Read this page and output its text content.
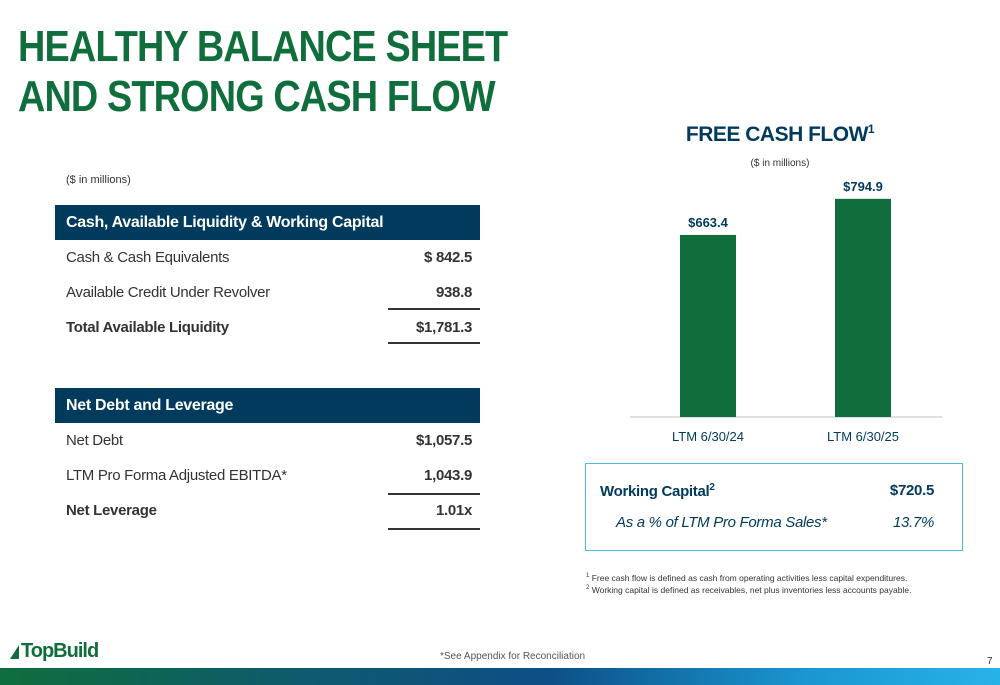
HEALTHY BALANCE SHEET
AND STRONG CASH FLOW
($ in millions)
Cash, Available Liquidity & Working Capital
Cash & Cash Equivalents	$ 842.5
Available Credit Under Revolver	938.8
Total Available Liquidity	$1,781.3
Net Debt and Leverage
Net Debt	$1,057.5
LTM Pro Forma Adjusted EBITDA*	1,043.9
Net Leverage	1.01x
FREE CASH FLOW$^1$
($ in millions)
$663.4
LTM 6/30/24
$794.9
LTM 6/30/25
Working Capital$^2$	$720.5
As a % of LTM Pro Forma Sales*	13.7%
$^1$ Free cash flow is defined as cash from operating activities less capital expenditures.
$^2$ Working capital is defined as receivables, net plus inventories less accounts payable.
TopBuild	*See Appendix for Reconciliation	7
